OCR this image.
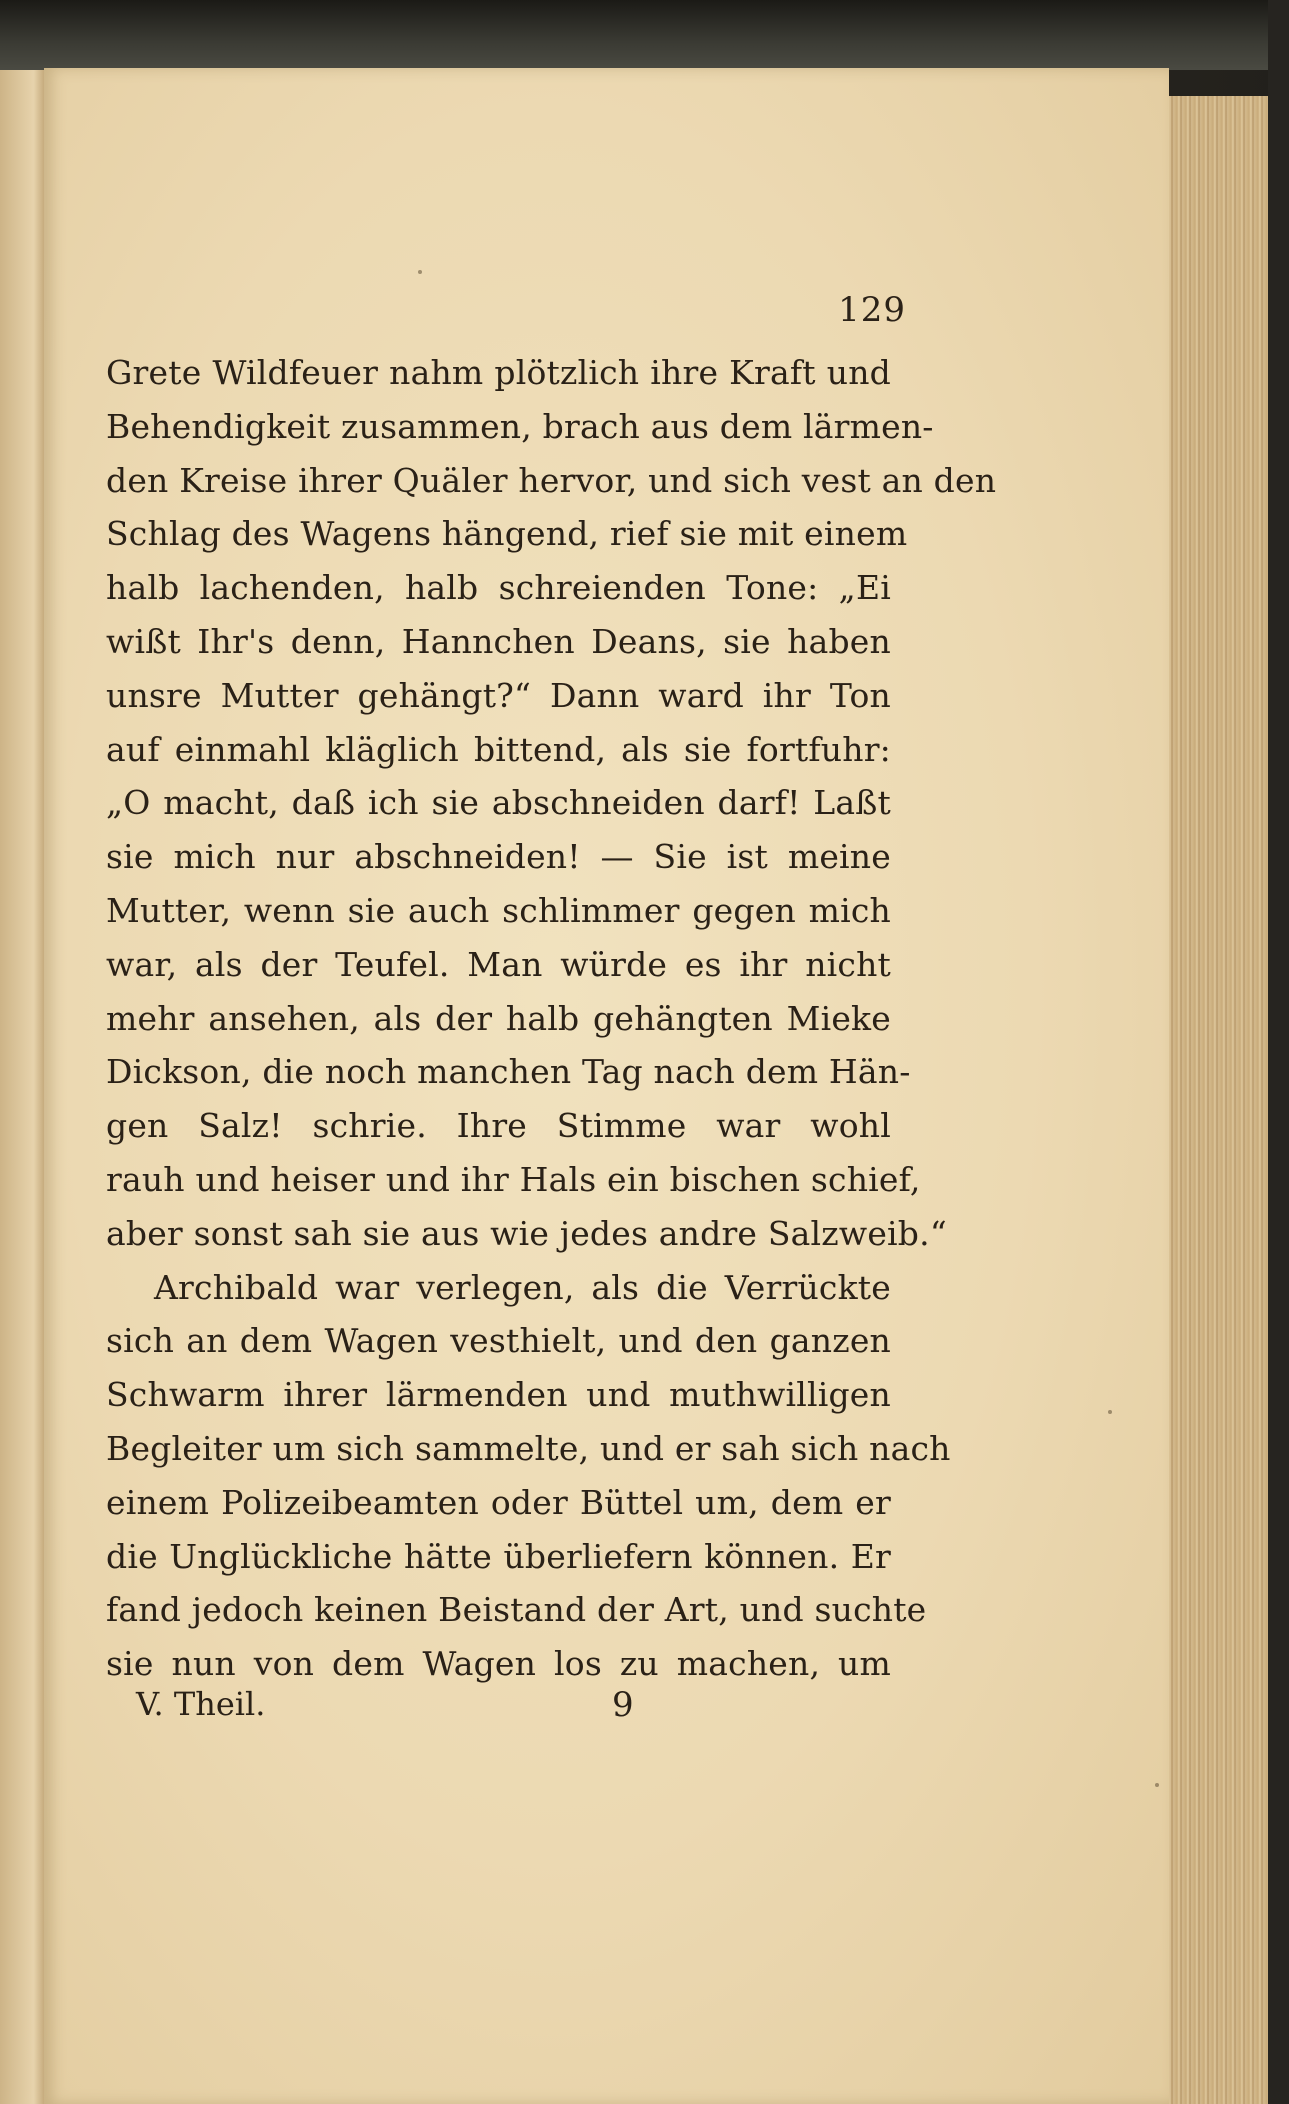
129
Grete Wildfeuer nahm plötzlich ihre Kraft und
Behendigkeit zusammen, brach aus dem lärmen-
den Kreise ihrer Quäler hervor, und sich vest an den
Schlag des Wagens hängend, rief sie mit einem
halb lachenden, halb schreienden Tone: „Ei
wißt Ihr's denn, Hannchen Deans, sie haben
unsre Mutter gehängt?“ Dann ward ihr Ton
auf einmahl kläglich bittend, als sie fortfuhr:
„O macht, daß ich sie abschneiden darf! Laßt
sie mich nur abschneiden! — Sie ist meine
Mutter, wenn sie auch schlimmer gegen mich
war, als der Teufel. Man würde es ihr nicht
mehr ansehen, als der halb gehängten Mieke
Dickson, die noch manchen Tag nach dem Hän-
gen Salz! schrie. Ihre Stimme war wohl
rauh und heiser und ihr Hals ein bischen schief,
aber sonst sah sie aus wie jedes andre Salzweib.“
Archibald war verlegen, als die Verrückte
sich an dem Wagen vesthielt, und den ganzen
Schwarm ihrer lärmenden und muthwilligen
Begleiter um sich sammelte, und er sah sich nach
einem Polizeibeamten oder Büttel um, dem er
die Unglückliche hätte überliefern können. Er
fand jedoch keinen Beistand der Art, und suchte
sie nun von dem Wagen los zu machen, um
V. Theil.	9
